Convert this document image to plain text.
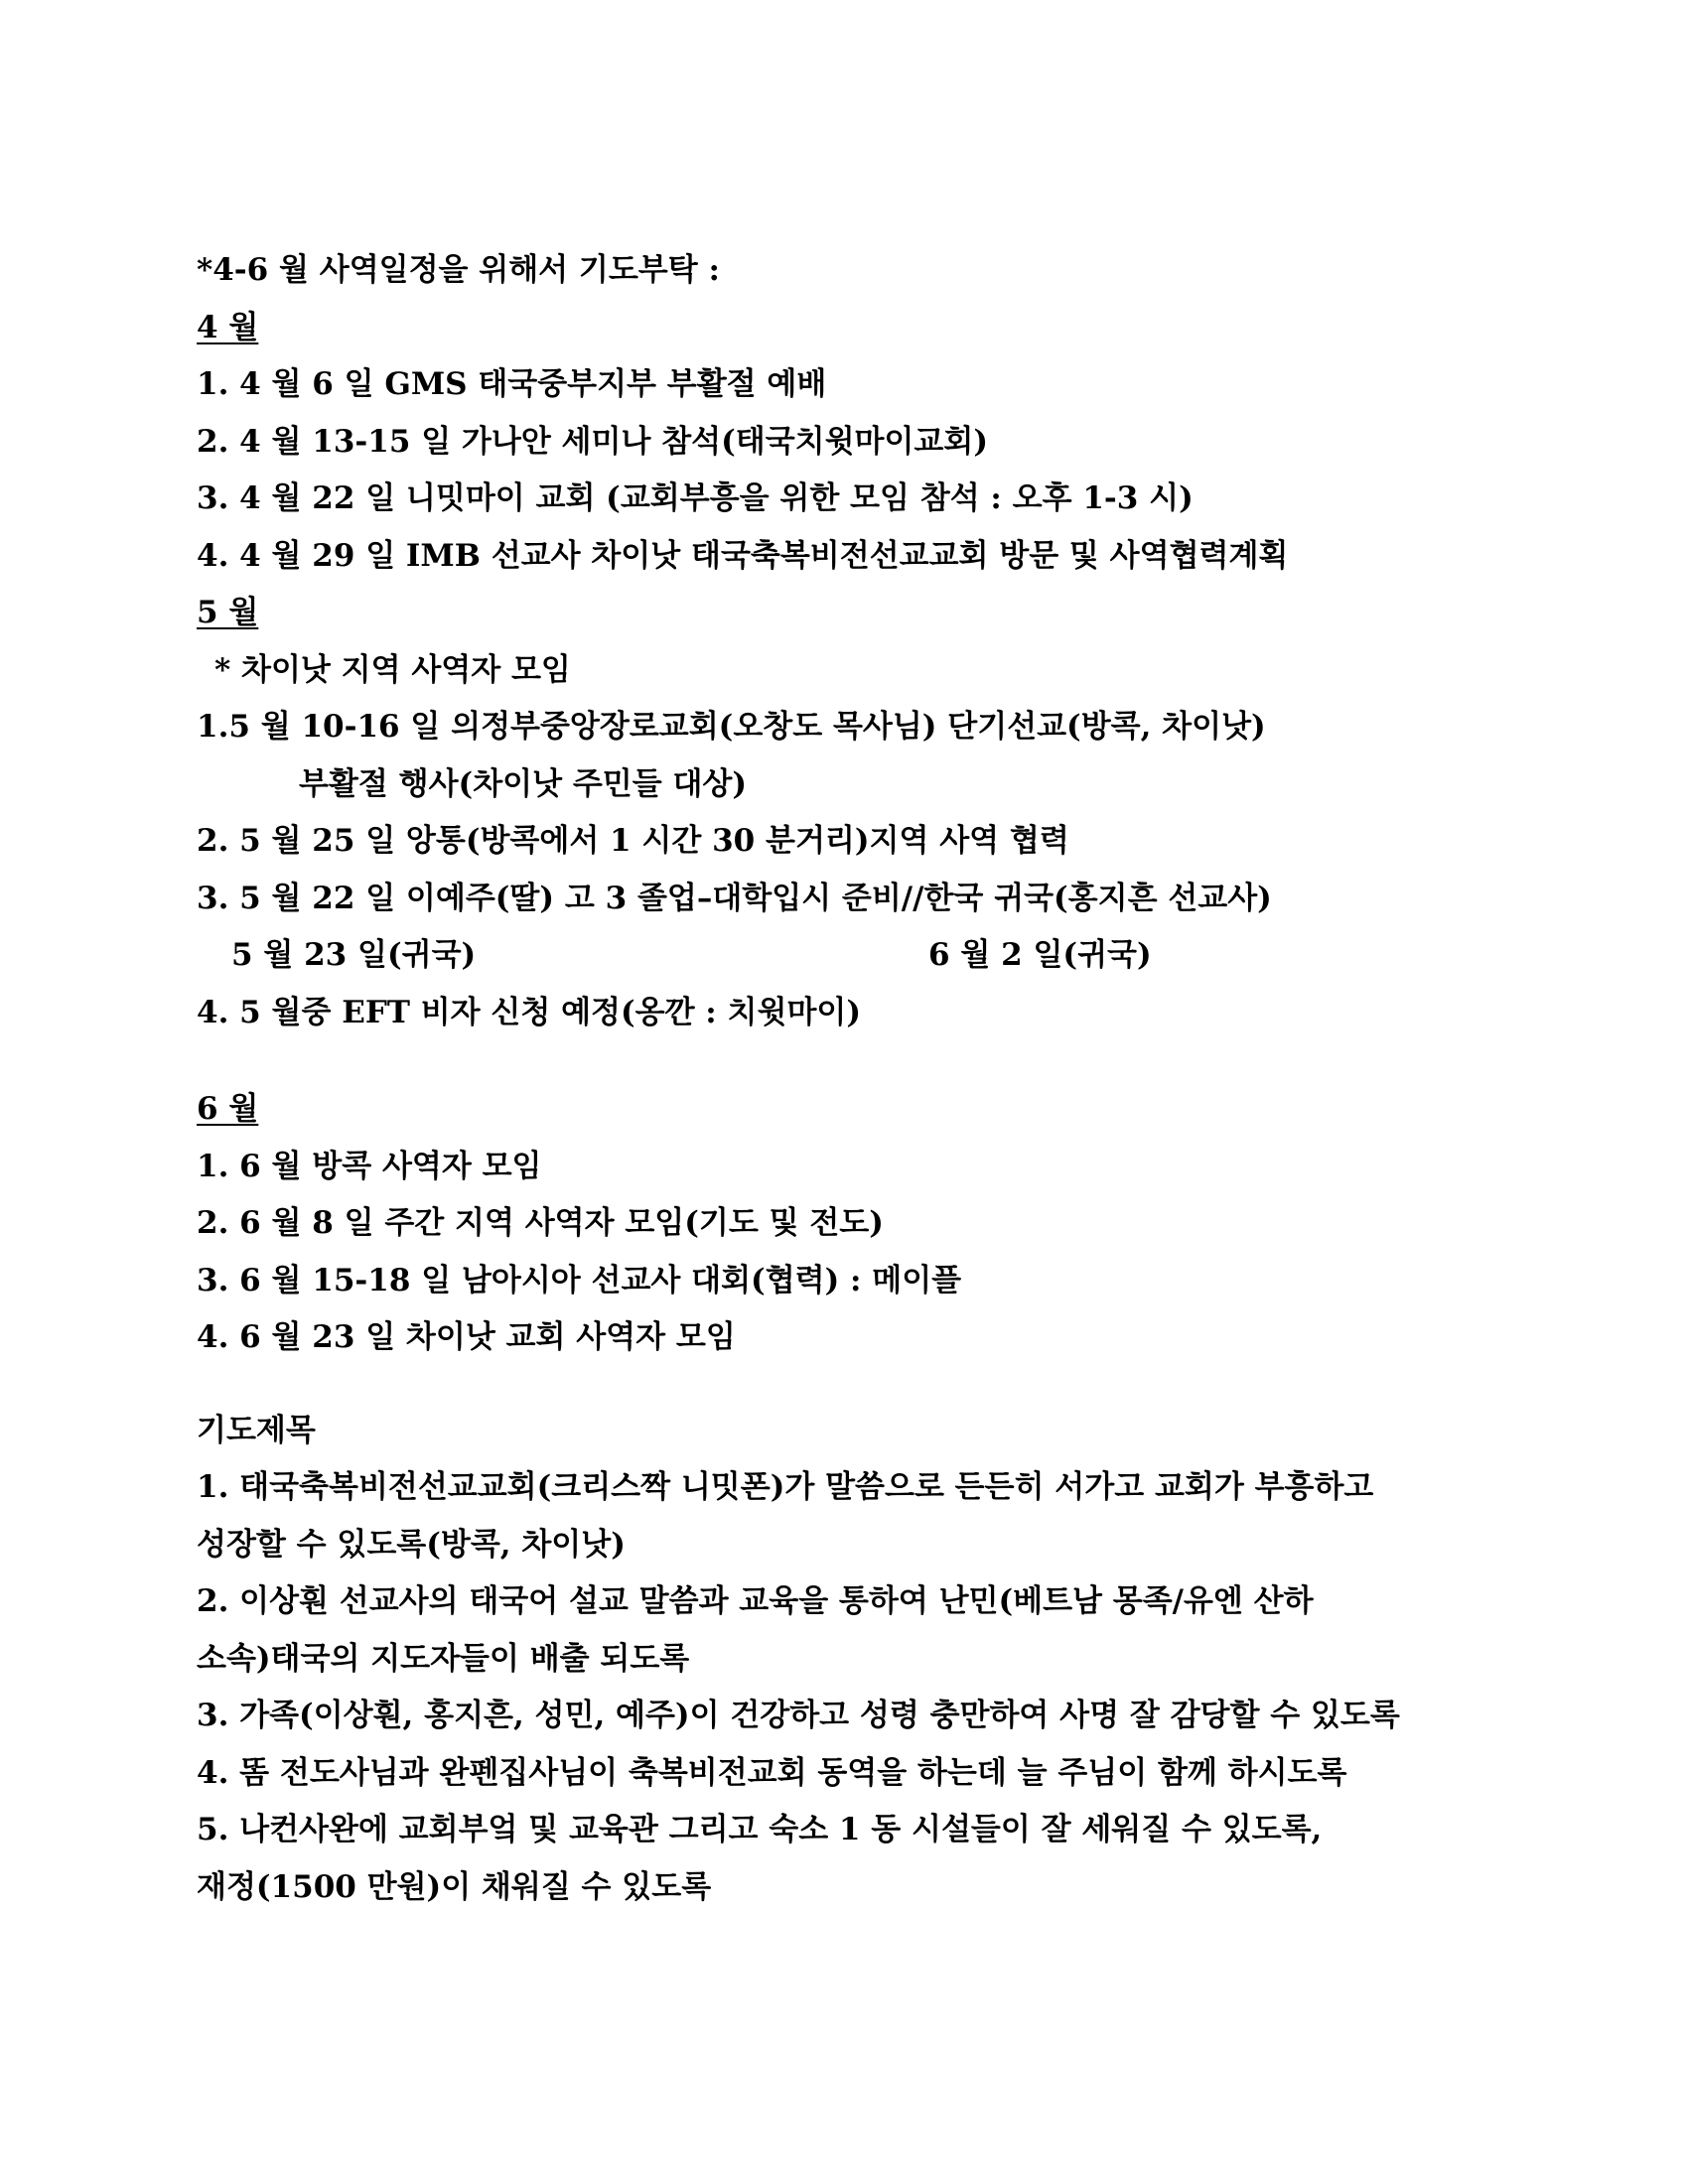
*4-6 월 사역일정을 위해서 기도부탁 :
4 월
1. 4 월 6 일 GMS 태국중부지부 부활절 예배
2. 4 월 13-15 일 가나안 세미나 참석(태국치윗마이교회)
3. 4 월 22 일 니밋마이 교회 (교회부흥을 위한 모임 참석 : 오후 1-3 시)
4. 4 월 29 일 IMB 선교사 차이낫 태국축복비전선교교회 방문 및 사역협력계획
5 월
* 차이낫 지역 사역자 모임
1.5 월 10-16 일 의정부중앙장로교회(오창도 목사님) 단기선교(방콕, 차이낫)
부활절 행사(차이낫 주민들 대상)
2. 5 월 25 일 앙통(방콕에서 1 시간 30 분거리)지역 사역 협력
3. 5 월 22 일 이예주(딸) 고 3 졸업–대학입시 준비//한국 귀국(홍지흔 선교사)
5 월 23 일(귀국)	6 월 2 일(귀국)
4. 5 월중 EFT 비자 신청 예정(옹깐 : 치윗마이)
6 월
1. 6 월 방콕 사역자 모임
2. 6 월 8 일 주간 지역 사역자 모임(기도 및 전도)
3. 6 월 15-18 일 남아시아 선교사 대회(협력) : 메이플
4. 6 월 23 일 차이낫 교회 사역자 모임
기도제목
1. 태국축복비전선교교회(크리스짝 니밋폰)가 말씀으로 든든히 서가고 교회가 부흥하고
성장할 수 있도록(방콕, 차이낫)
2. 이상훤 선교사의 태국어 설교 말씀과 교육을 통하여 난민(베트남 몽족/유엔 산하
소속)태국의 지도자들이 배출 되도록
3. 가족(이상훤, 홍지흔, 성민, 예주)이 건강하고 성령 충만하여 사명 잘 감당할 수 있도록
4. 똠 전도사님과 완펜집사님이 축복비전교회 동역을 하는데 늘 주님이 함께 하시도록
5. 나컨사완에 교회부엌 및 교육관 그리고 숙소 1 동 시설들이 잘 세워질 수 있도록,
재정(1500 만원)이 채워질 수 있도록
